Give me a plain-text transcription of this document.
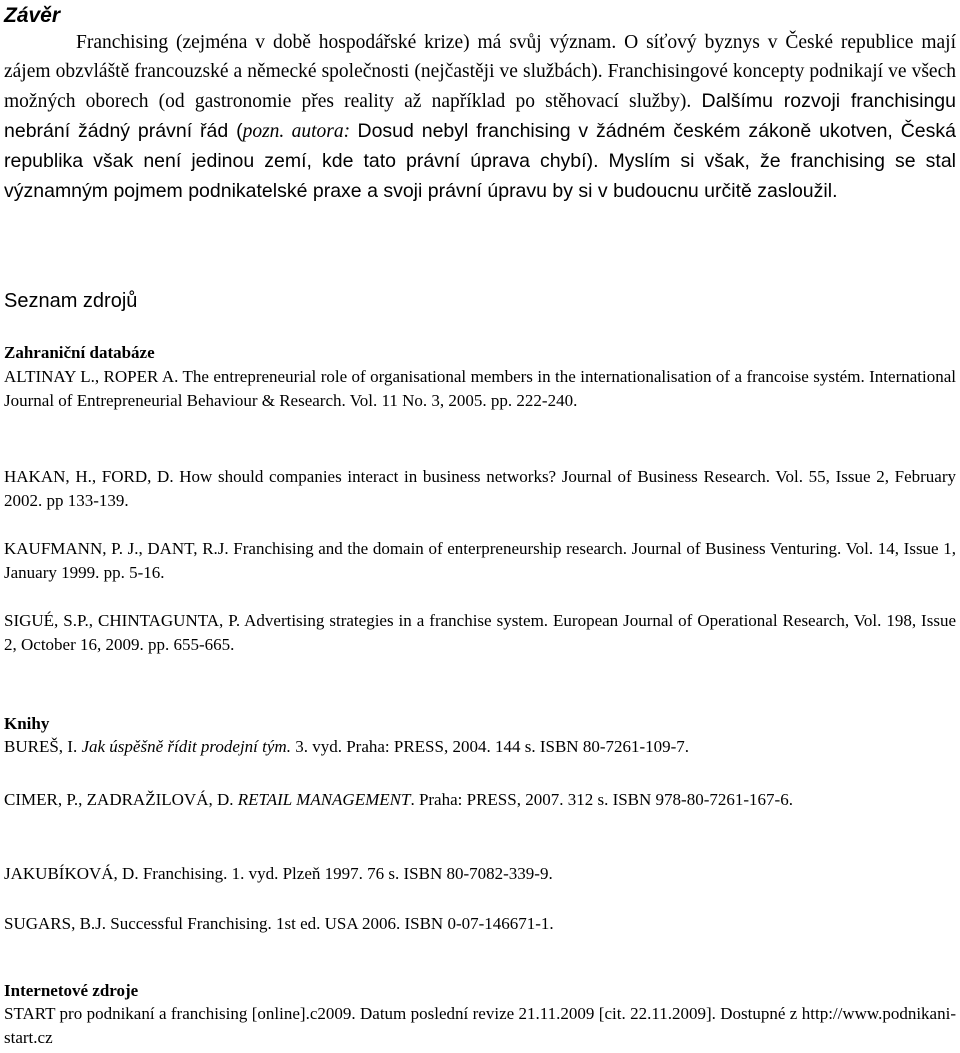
Závěr
Franchising (zejména v době hospodářské krize) má svůj význam. O síťový byznys v České republice mají zájem obzvláště francouzské a německé společnosti (nejčastěji ve službách). Franchisingové koncepty podnikají ve všech možných oborech (od gastronomie přes reality až například po stěhovací služby). Dalšímu rozvoji franchisingu nebrání žádný právní řád (pozn. autora: Dosud nebyl franchising v žádném českém zákoně ukotven, Česká republika však není jedinou zemí, kde tato právní úprava chybí). Myslím si však, že franchising se stal významným pojmem podnikatelské praxe a svoji právní úpravu by si v budoucnu určitě zasloužil.
Seznam zdrojů
Zahraniční databáze

ALTINAY L., ROPER A. The entrepreneurial role of organisational members in the internationalisation of a francoise systém. International Journal of Entrepreneurial Behaviour & Research. Vol. 11 No. 3, 2005. pp. 222-240.

HAKAN, H., FORD, D. How should companies interact in business networks? Journal of Business Research. Vol. 55, Issue 2, February 2002. pp 133-139.

KAUFMANN, P. J., DANT, R.J. Franchising and the domain of enterpreneurship research. Journal of Business Venturing. Vol. 14, Issue 1, January 1999. pp. 5-16.

SIGUÉ, S.P., CHINTAGUNTA, P. Advertising strategies in a franchise system. European Journal of Operational Research, Vol. 198, Issue 2, October 16, 2009. pp. 655-665.

Knihy

BUREŠ, I. Jak úspěšně řídit prodejní tým. 3. vyd. Praha: PRESS, 2004. 144 s. ISBN 80-7261-109-7.

CIMER, P., ZADRAŽILOVÁ, D. RETAIL MANAGEMENT. Praha: PRESS, 2007. 312 s. ISBN 978-80-7261-167-6.

JAKUBÍKOVÁ, D. Franchising. 1. vyd. Plzeň 1997. 76 s. ISBN 80-7082-339-9.

SUGARS, B.J. Successful Franchising. 1st ed. USA 2006. ISBN 0-07-146671-1.

Internetové zdroje

START pro podnikaní a franchising [online].c2009. Datum poslední revize 21.11.2009 [cit. 22.11.2009]. Dostupné z http://www.podnikani-start.cz
